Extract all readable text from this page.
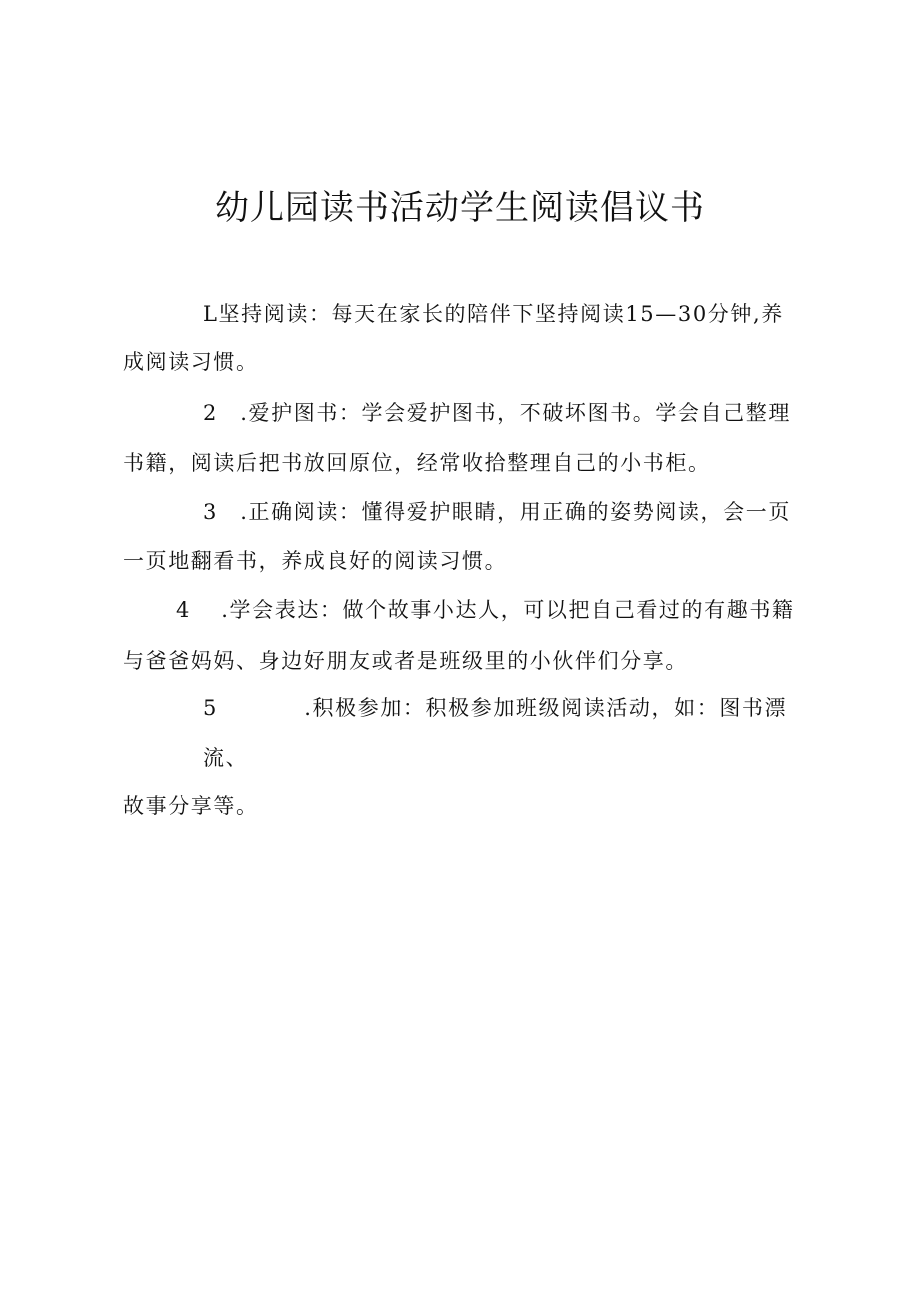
幼儿园读书活动学生阅读倡议书
L坚持阅读：每天在家长的陪伴下坚持阅读15—30分钟,养
成阅读习惯。
2 .爱护图书：学会爱护图书，不破坏图书。学会自己整理
书籍，阅读后把书放回原位，经常收拾整理自己的小书柜。
3 .正确阅读：懂得爱护眼睛，用正确的姿势阅读，会一页
一页地翻看书，养成良好的阅读习惯。
4 .学会表达：做个故事小达人，可以把自己看过的有趣书籍
与爸爸妈妈、身边好朋友或者是班级里的小伙伴们分享。
5	.积极参加：积极参加班级阅读活动，如：图书漂
流、
故事分享等。
